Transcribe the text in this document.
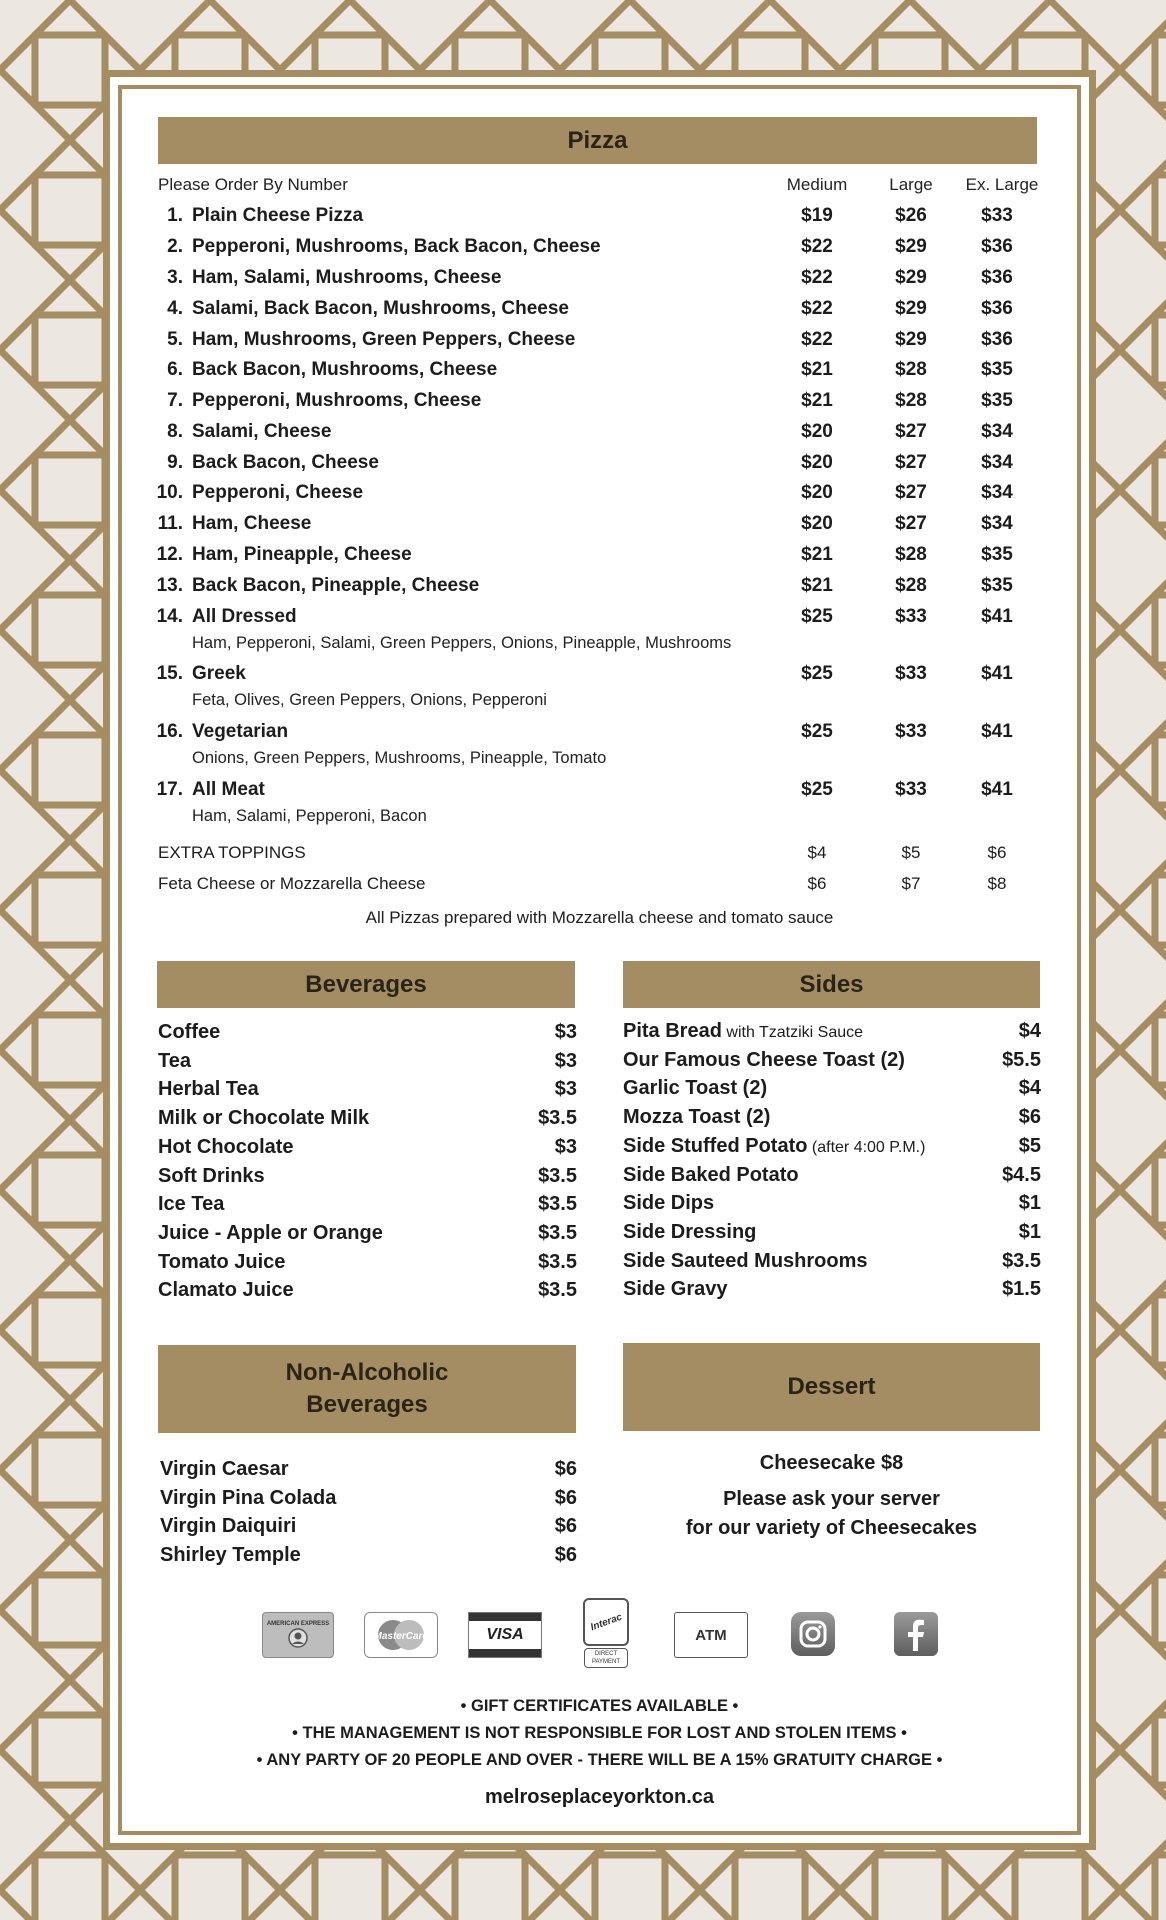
Pizza
Please Order By Number	Medium	Large	Ex. Large
1. Plain Cheese Pizza	$19	$26	$33
2. Pepperoni, Mushrooms, Back Bacon, Cheese	$22	$29	$36
3. Ham, Salami, Mushrooms, Cheese	$22	$29	$36
4. Salami, Back Bacon, Mushrooms, Cheese	$22	$29	$36
5. Ham, Mushrooms, Green Peppers, Cheese	$22	$29	$36
6. Back Bacon, Mushrooms, Cheese	$21	$28	$35
7. Pepperoni, Mushrooms, Cheese	$21	$28	$35
8. Salami, Cheese	$20	$27	$34
9. Back Bacon, Cheese	$20	$27	$34
10. Pepperoni, Cheese	$20	$27	$34
11. Ham, Cheese	$20	$27	$34
12. Ham, Pineapple, Cheese	$21	$28	$35
13. Back Bacon, Pineapple, Cheese	$21	$28	$35
14. All Dressed
Ham, Pepperoni, Salami, Green Peppers, Onions, Pineapple, Mushrooms
$25	$33	$41
15. Greek
Feta, Olives, Green Peppers, Onions, Pepperoni
$25	$33	$41
16. Vegetarian
Onions, Green Peppers, Mushrooms, Pineapple, Tomato
$25	$33	$41
17. All Meat
Ham, Salami, Pepperoni, Bacon
$25	$33	$41
EXTRA TOPPINGS	$4	$5	$6
Feta Cheese or Mozzarella Cheese	$6	$7	$8
All Pizzas prepared with Mozzarella cheese and tomato sauce
Beverages
Coffee	$3
Tea	$3
Herbal Tea	$3
Milk or Chocolate Milk	$3.5
Hot Chocolate	$3
Soft Drinks	$3.5
Ice Tea	$3.5
Juice - Apple or Orange	$3.5
Tomato Juice	$3.5
Clamato Juice	$3.5
Sides
Pita Bread with Tzatziki Sauce	$4
Our Famous Cheese Toast (2)	$5.5
Garlic Toast (2)	$4
Mozza Toast (2)	$6
Side Stuffed Potato (after 4:00 P.M.)	$5
Side Baked Potato	$4.5
Side Dips	$1
Side Dressing	$1
Side Sauteed Mushrooms	$3.5
Side Gravy	$1.5
Non-Alcoholic
Beverages
Virgin Caesar	$6
Virgin Pina Colada	$6
Virgin Daiquiri	$6
Shirley Temple	$6
Dessert
Cheesecake $8
Please ask your server
for our variety of Cheesecakes
AMERICAN EXPRESS
MasterCard	VISA
Interac
DIRECT PAYMENT
ATM
• GIFT CERTIFICATES AVAILABLE •
• THE MANAGEMENT IS NOT RESPONSIBLE FOR LOST AND STOLEN ITEMS •
• ANY PARTY OF 20 PEOPLE AND OVER - THERE WILL BE A 15% GRATUITY CHARGE •
melroseplaceyorkton.ca
